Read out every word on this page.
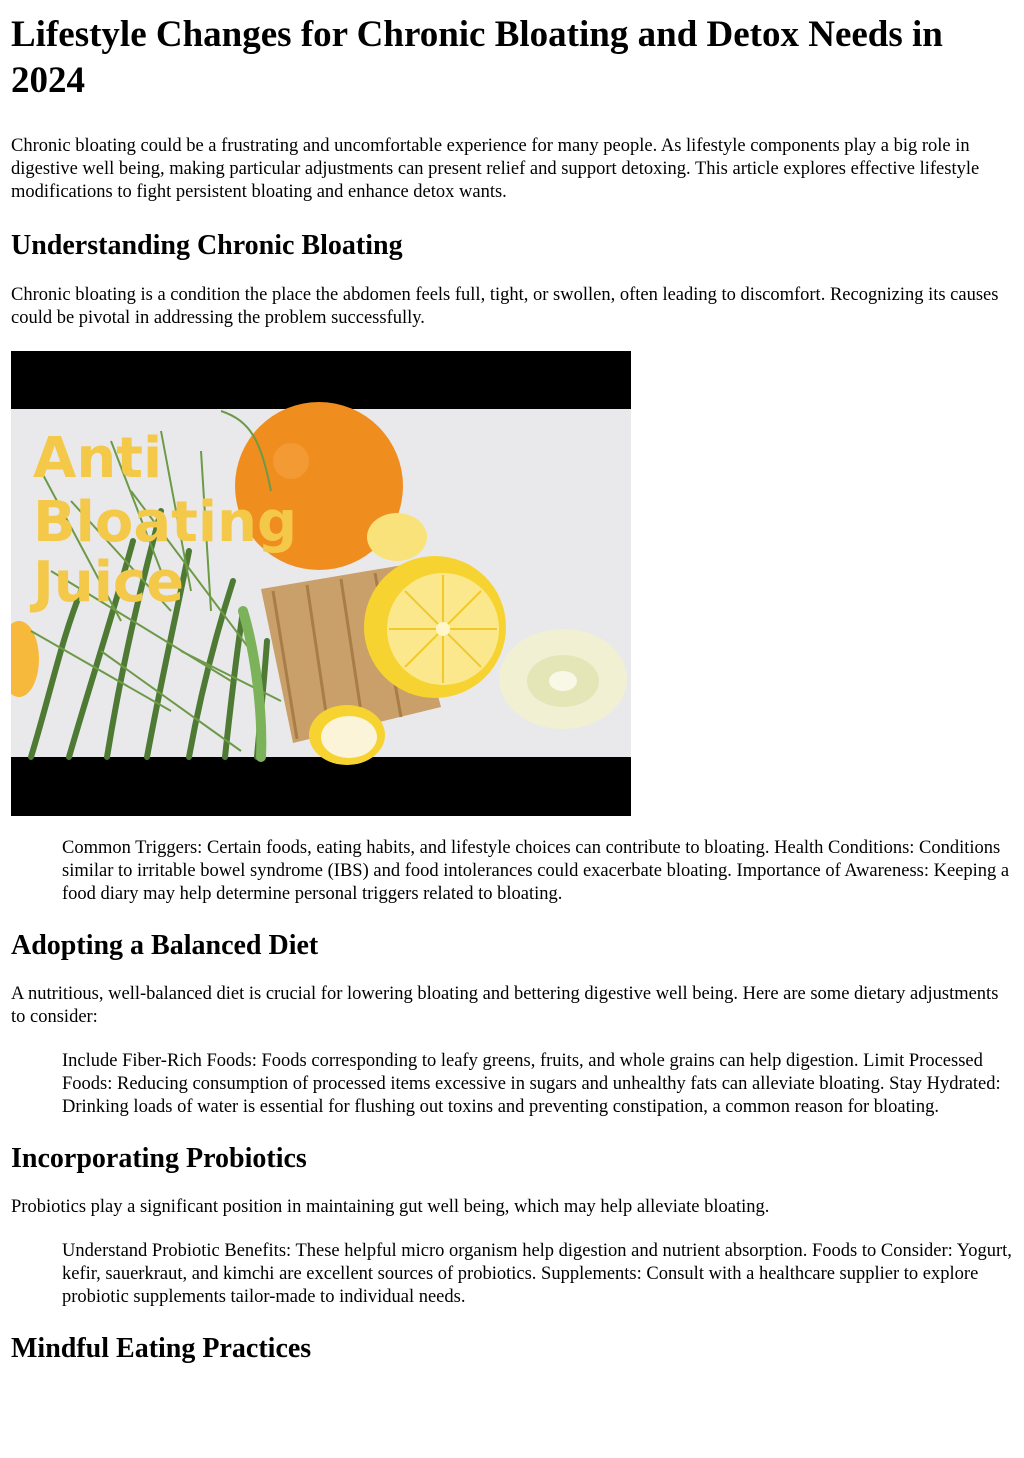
Lifestyle Changes for Chronic Bloating and Detox Needs in 2024

Chronic bloating could be a frustrating and uncomfortable experience for many people. As lifestyle components play a big role in digestive well being, making particular adjustments can present relief and support detoxing. This article explores effective lifestyle modifications to fight persistent bloating and enhance detox wants.

Understanding Chronic Bloating

Chronic bloating is a condition the place the abdomen feels full, tight, or swollen, often leading to discomfort. Recognizing its causes could be pivotal in addressing the problem successfully.

Anti
Bloating
Juice
Common Triggers: Certain foods, eating habits, and lifestyle choices can contribute to bloating. Health Conditions: Conditions similar to irritable bowel syndrome (IBS) and food intolerances could exacerbate bloating. Importance of Awareness: Keeping a food diary may help determine personal triggers related to bloating.
Adopting a Balanced Diet

A nutritious, well-balanced diet is crucial for lowering bloating and bettering digestive well being. Here are some dietary adjustments to consider:

Include Fiber-Rich Foods: Foods corresponding to leafy greens, fruits, and whole grains can help digestion. Limit Processed Foods: Reducing consumption of processed items excessive in sugars and unhealthy fats can alleviate bloating. Stay Hydrated: Drinking loads of water is essential for flushing out toxins and preventing constipation, a common reason for bloating.
Incorporating Probiotics

Probiotics play a significant position in maintaining gut well being, which may help alleviate bloating.

Understand Probiotic Benefits: These helpful micro organism help digestion and nutrient absorption. Foods to Consider: Yogurt, kefir, sauerkraut, and kimchi are excellent sources of probiotics. Supplements: Consult with a healthcare supplier to explore probiotic supplements tailor-made to individual needs.
Mindful Eating Practices
